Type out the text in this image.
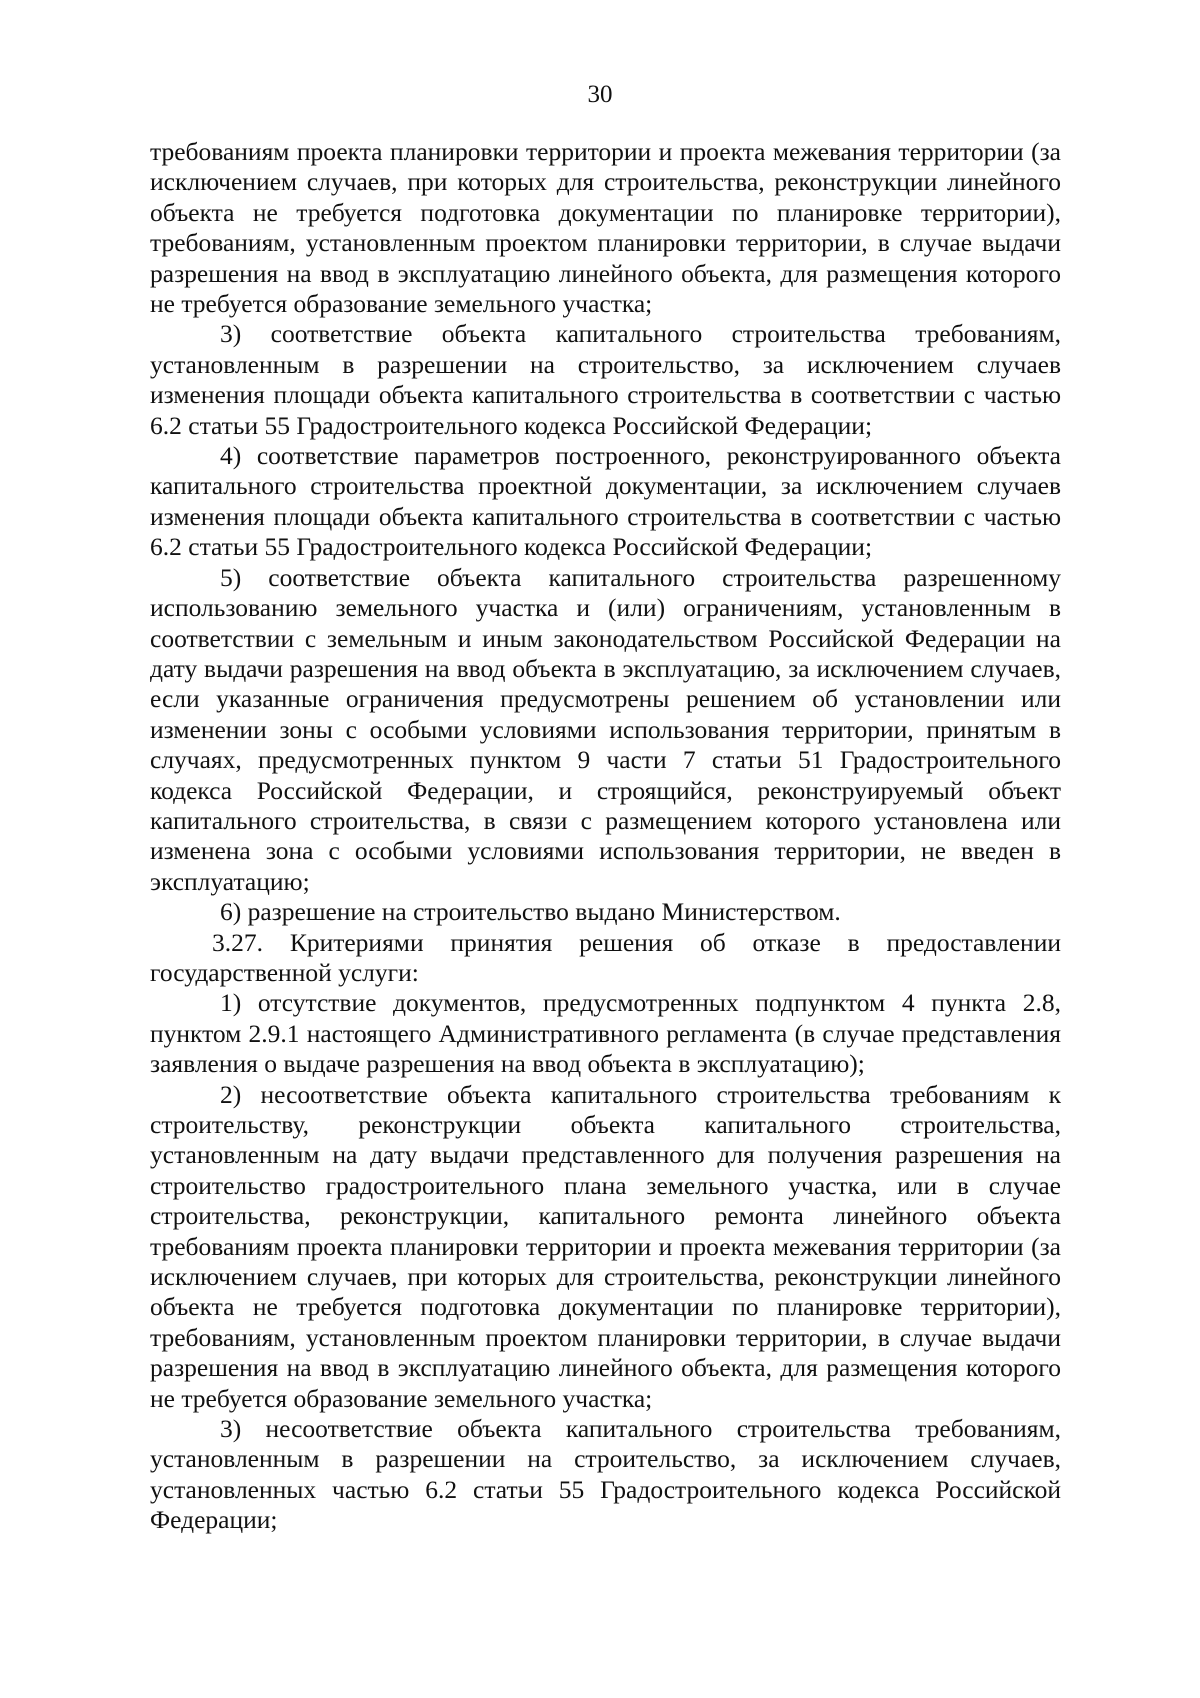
30

требованиям проекта планировки территории и проекта межевания территории (за исключением случаев, при которых для строительства, реконструкции линейного объекта не требуется подготовка документации по планировке территории), требованиям, установленным проектом планировки территории, в случае выдачи разрешения на ввод в эксплуатацию линейного объекта, для размещения которого не требуется образование земельного участка;

3) соответствие объекта капитального строительства требованиям, установленным в разрешении на строительство, за исключением случаев изменения площади объекта капитального строительства в соответствии с частью 6.2 статьи 55 Градостроительного кодекса Российской Федерации;

4) соответствие параметров построенного, реконструированного объекта капитального строительства проектной документации, за исключением случаев изменения площади объекта капитального строительства в соответствии с частью 6.2 статьи 55 Градостроительного кодекса Российской Федерации;

5) соответствие объекта капитального строительства разрешенному использованию земельного участка и (или) ограничениям, установленным в соответствии с земельным и иным законодательством Российской Федерации на дату выдачи разрешения на ввод объекта в эксплуатацию, за исключением случаев, если указанные ограничения предусмотрены решением об установлении или изменении зоны с особыми условиями использования территории, принятым в случаях, предусмотренных пунктом 9 части 7 статьи 51 Градостроительного кодекса Российской Федерации, и строящийся, реконструируемый объект капитального строительства, в связи с размещением которого установлена или изменена зона с особыми условиями использования территории, не введен в эксплуатацию;

6) разрешение на строительство выдано Министерством.

3.27. Критериями принятия решения об отказе в предоставлении государственной услуги:

1) отсутствие документов, предусмотренных подпунктом 4 пункта 2.8, пунктом 2.9.1 настоящего Административного регламента (в случае представления заявления о выдаче разрешения на ввод объекта в эксплуатацию);

2) несоответствие объекта капитального строительства требованиям к строительству, реконструкции объекта капитального строительства, установленным на дату выдачи представленного для получения разрешения на строительство градостроительного плана земельного участка, или в случае строительства, реконструкции, капитального ремонта линейного объекта требованиям проекта планировки территории и проекта межевания территории (за исключением случаев, при которых для строительства, реконструкции линейного объекта не требуется подготовка документации по планировке территории), требованиям, установленным проектом планировки территории, в случае выдачи разрешения на ввод в эксплуатацию линейного объекта, для размещения которого не требуется образование земельного участка;

3) несоответствие объекта капитального строительства требованиям, установленным в разрешении на строительство, за исключением случаев, установленных частью 6.2 статьи 55 Градостроительного кодекса Российской Федерации;
